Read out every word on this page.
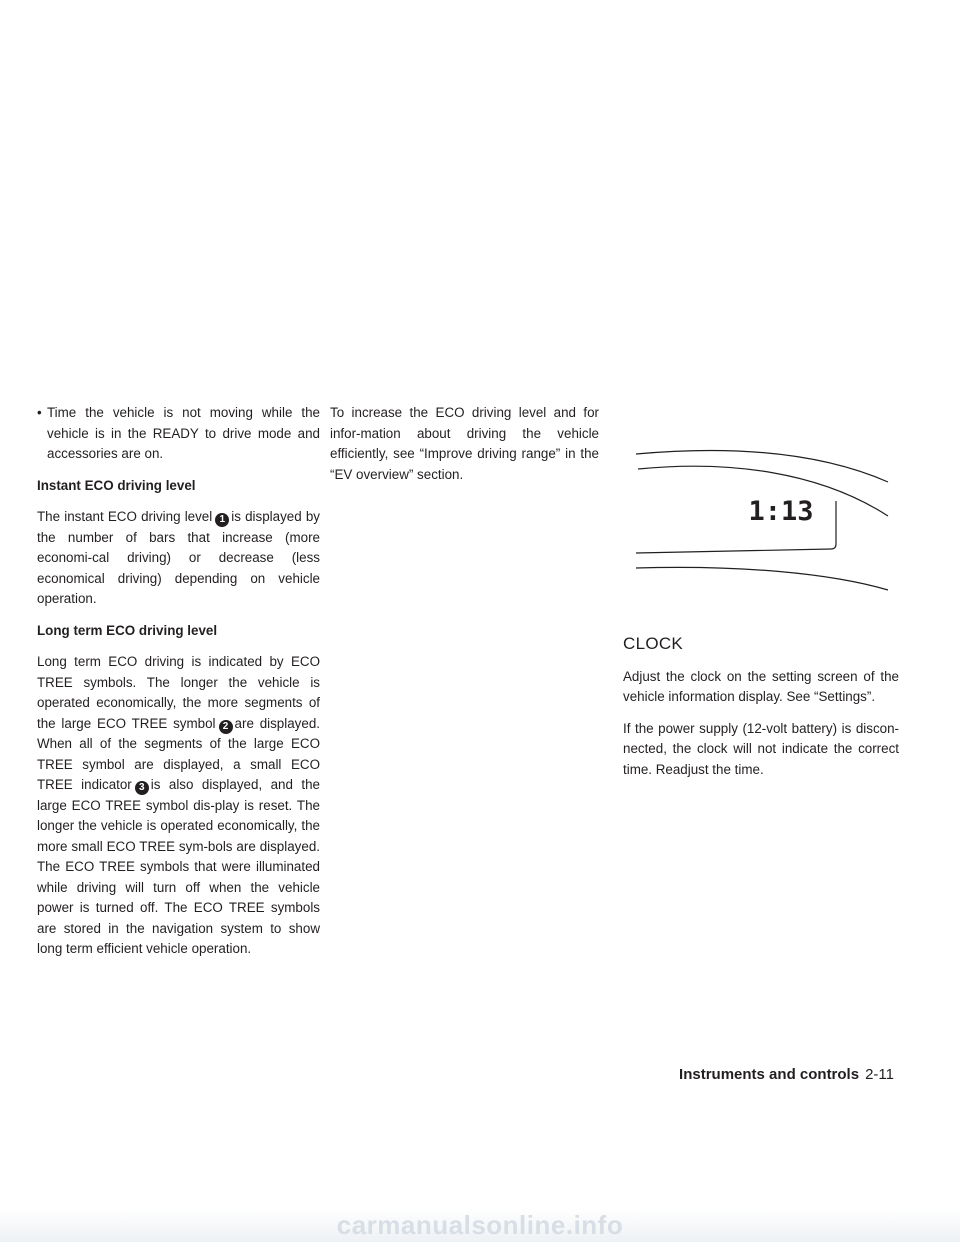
• Time the vehicle is not moving while the vehicle is in the READY to drive mode and accessories are on.
Instant ECO driving level

The instant ECO driving level 1 is displayed by the number of bars that increase (more economi-cal driving) or decrease (less economical driving) depending on vehicle operation.

Long term ECO driving level

Long term ECO driving is indicated by ECO TREE symbols. The longer the vehicle is operated economically, the more segments of the large ECO TREE symbol 2 are displayed. When all of the segments of the large ECO TREE symbol are displayed, a small ECO TREE indicator 3 is also displayed, and the large ECO TREE symbol dis-play is reset. The longer the vehicle is operated economically, the more small ECO TREE sym-bols are displayed. The ECO TREE symbols that were illuminated while driving will turn off when the vehicle power is turned off. The ECO TREE symbols are stored in the navigation system to show long term efficient vehicle operation.

To increase the ECO driving level and for infor-mation about driving the vehicle efficiently, see “Improve driving range” in the “EV overview” section.

1:13
CLOCK

Adjust the clock on the setting screen of the vehicle information display. See “Settings”.

If the power supply (12-volt battery) is discon-nected, the clock will not indicate the correct time. Readjust the time.

Instruments and controls 2-11
carmanualsonline.info
